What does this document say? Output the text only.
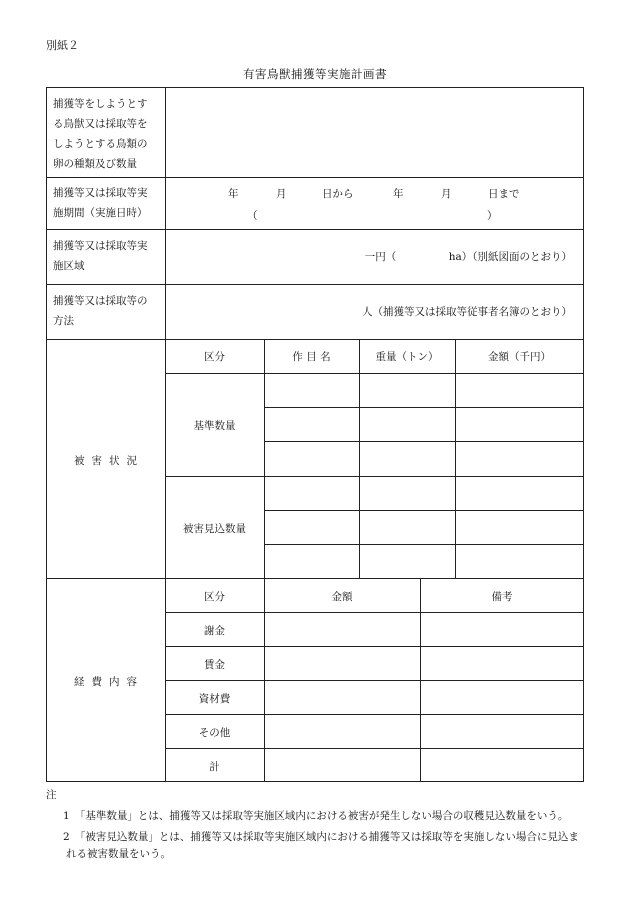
別紙２
有害鳥獣捕獲等実施計画書
捕獲等をしようとす
る鳥獣又は採取等を
しようとする鳥類の
卵の種類及び数量
捕獲等又は採取等実
施期間（実施日時）
年	月	日から	年	月	日まで
（	）
捕獲等又は採取等実
施区域
一円（　　　　　ha）（別紙図面のとおり）
捕獲等又は採取等の
方法
人（捕獲等又は採取等従事者名簿のとおり）
被害状況
区分	作 目 名	重量（トン）	金額（千円）
基準数量
被害見込数量
経費内容
区分	金額	備考
謝金
賃金
資材費
その他
計
注
1　「基準数量」とは、捕獲等又は採取等実施区域内における被害が発生しない場合の収穫見込数量をいう。
2　「被害見込数量」とは、捕獲等又は採取等実施区域内における捕獲等又は採取等を実施しない場合に見込まれる被害数量をいう。
